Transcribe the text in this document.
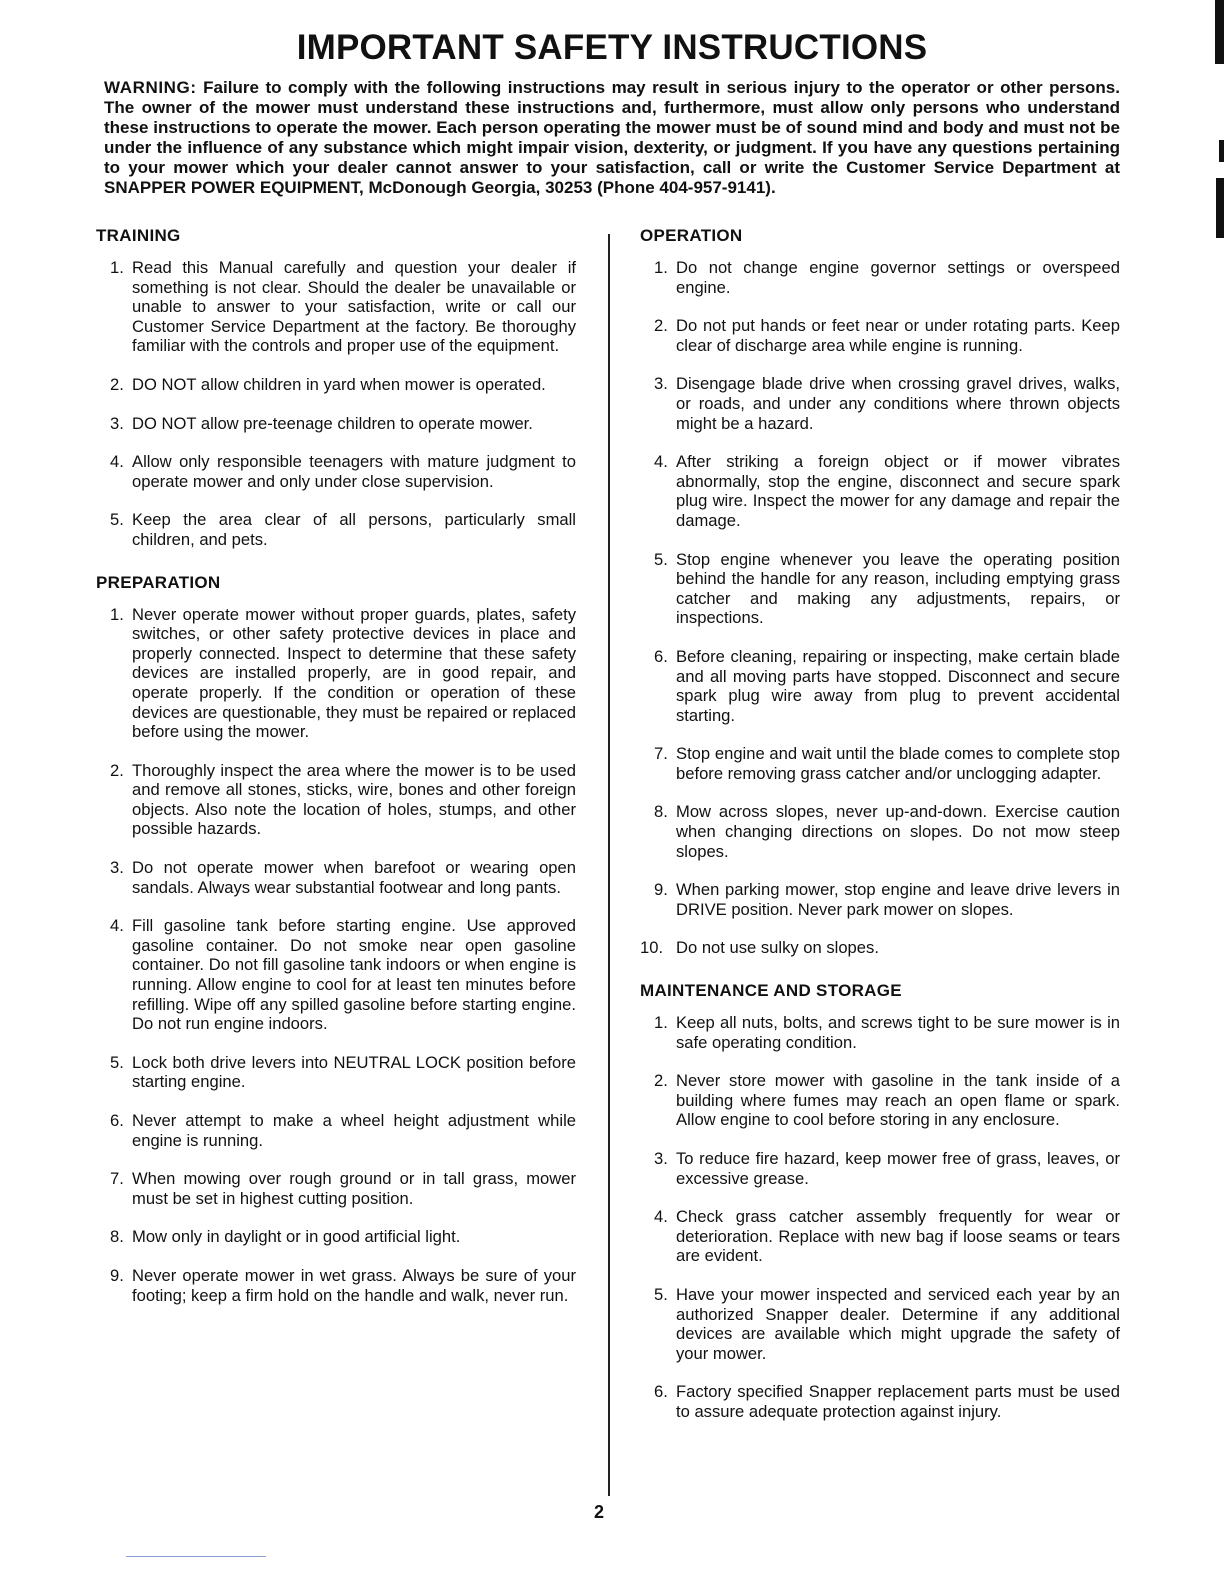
IMPORTANT SAFETY INSTRUCTIONS

WARNING: Failure to comply with the following instructions may result in serious injury to the operator or other persons. The owner of the mower must understand these instructions and, furthermore, must allow only persons who understand these instructions to operate the mower. Each person operating the mower must be of sound mind and body and must not be under the influence of any substance which might impair vision, dexterity, or judgment. If you have any questions pertaining to your mower which your dealer cannot answer to your satisfaction, call or write the Customer Service Department at SNAPPER POWER EQUIPMENT, McDonough Georgia, 30253 (Phone 404-957-9141).

TRAINING
1. Read this Manual carefully and question your dealer if something is not clear. Should the dealer be unavailable or unable to answer to your satisfaction, write or call our Customer Service Department at the factory. Be thoroughy familiar with the controls and proper use of the equipment.
2. DO NOT allow children in yard when mower is operated.
3. DO NOT allow pre-teenage children to operate mower.
4. Allow only responsible teenagers with mature judgment to operate mower and only under close supervision.
5. Keep the area clear of all persons, particularly small children, and pets.
PREPARATION
1. Never operate mower without proper guards, plates, safety switches, or other safety protective devices in place and properly connected. Inspect to determine that these safety devices are installed properly, are in good repair, and operate properly. If the condition or operation of these devices are questionable, they must be repaired or replaced before using the mower.
2. Thoroughly inspect the area where the mower is to be used and remove all stones, sticks, wire, bones and other foreign objects. Also note the location of holes, stumps, and other possible hazards.
3. Do not operate mower when barefoot or wearing open sandals. Always wear substantial footwear and long pants.
4. Fill gasoline tank before starting engine. Use approved gasoline container. Do not smoke near open gasoline container. Do not fill gasoline tank indoors or when engine is running. Allow engine to cool for at least ten minutes before refilling. Wipe off any spilled gasoline before starting engine. Do not run engine indoors.
5. Lock both drive levers into NEUTRAL LOCK position before starting engine.
6. Never attempt to make a wheel height adjustment while engine is running.
7. When mowing over rough ground or in tall grass, mower must be set in highest cutting position.
8. Mow only in daylight or in good artificial light.
9. Never operate mower in wet grass. Always be sure of your footing; keep a firm hold on the handle and walk, never run.
OPERATION
1. Do not change engine governor settings or overspeed engine.
2. Do not put hands or feet near or under rotating parts. Keep clear of discharge area while engine is running.
3. Disengage blade drive when crossing gravel drives, walks, or roads, and under any conditions where thrown objects might be a hazard.
4. After striking a foreign object or if mower vibrates abnormally, stop the engine, disconnect and secure spark plug wire. Inspect the mower for any damage and repair the damage.
5. Stop engine whenever you leave the operating position behind the handle for any reason, including emptying grass catcher and making any adjustments, repairs, or inspections.
6. Before cleaning, repairing or inspecting, make certain blade and all moving parts have stopped. Disconnect and secure spark plug wire away from plug to prevent accidental starting.
7. Stop engine and wait until the blade comes to complete stop before removing grass catcher and/or unclogging adapter.
8. Mow across slopes, never up-and-down. Exercise caution when changing directions on slopes. Do not mow steep slopes.
9. When parking mower, stop engine and leave drive levers in DRIVE position. Never park mower on slopes.
10. Do not use sulky on slopes.
MAINTENANCE AND STORAGE
1. Keep all nuts, bolts, and screws tight to be sure mower is in safe operating condition.
2. Never store mower with gasoline in the tank inside of a building where fumes may reach an open flame or spark. Allow engine to cool before storing in any enclosure.
3. To reduce fire hazard, keep mower free of grass, leaves, or excessive grease.
4. Check grass catcher assembly frequently for wear or deterioration. Replace with new bag if loose seams or tears are evident.
5. Have your mower inspected and serviced each year by an authorized Snapper dealer. Determine if any additional devices are available which might upgrade the safety of your mower.
6. Factory specified Snapper replacement parts must be used to assure adequate protection against injury.
2
